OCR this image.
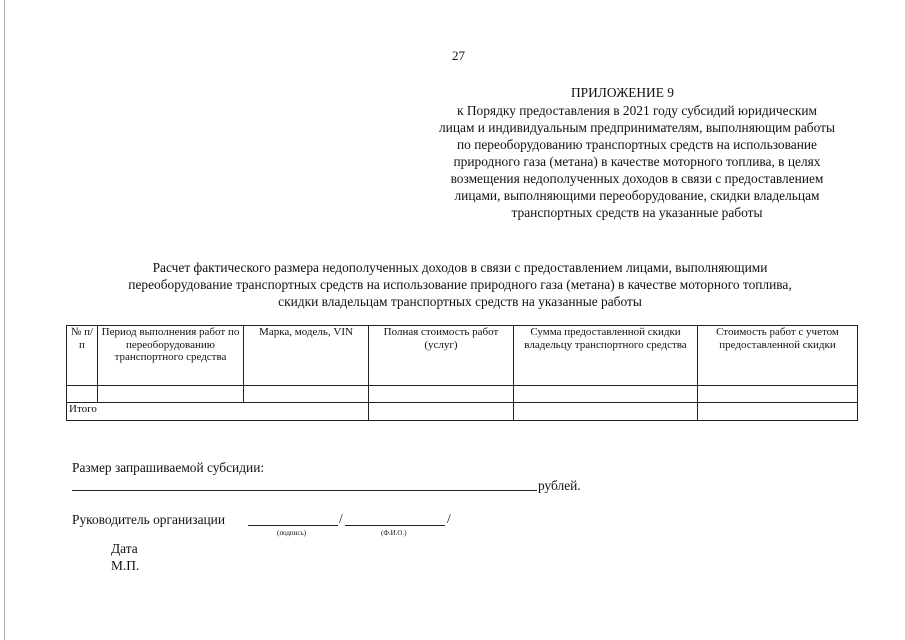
27
ПРИЛОЖЕНИЕ 9
к Порядку предоставления в 2021 году субсидий юридическим
лицам и индивидуальным предпринимателям, выполняющим работы
по переоборудованию транспортных средств на использование
природного газа (метана) в качестве моторного топлива, в целях
возмещения недополученных доходов в связи с предоставлением
лицами, выполняющими переоборудование, скидки владельцам
транспортных средств на указанные работы
Расчет фактического размера недополученных доходов в связи с предоставлением лицами, выполняющими
переоборудование транспортных средств на использование природного газа (метана) в качестве моторного топлива,
скидки владельцам транспортных средств на указанные работы
№ п/п	Период выполнения работ по переоборудованию транспортного средства	Марка, модель, VIN	Полная стоимость работ (услуг)	Сумма предоставленной скидки владельцу транспортного средства	Стоимость работ с учетом предоставленной скидки

Итого					
Размер запрашиваемой субсидии:
рублей.
Руководитель организации	/	/
(подпись)	(Ф.И.О.)
Дата
М.П.
